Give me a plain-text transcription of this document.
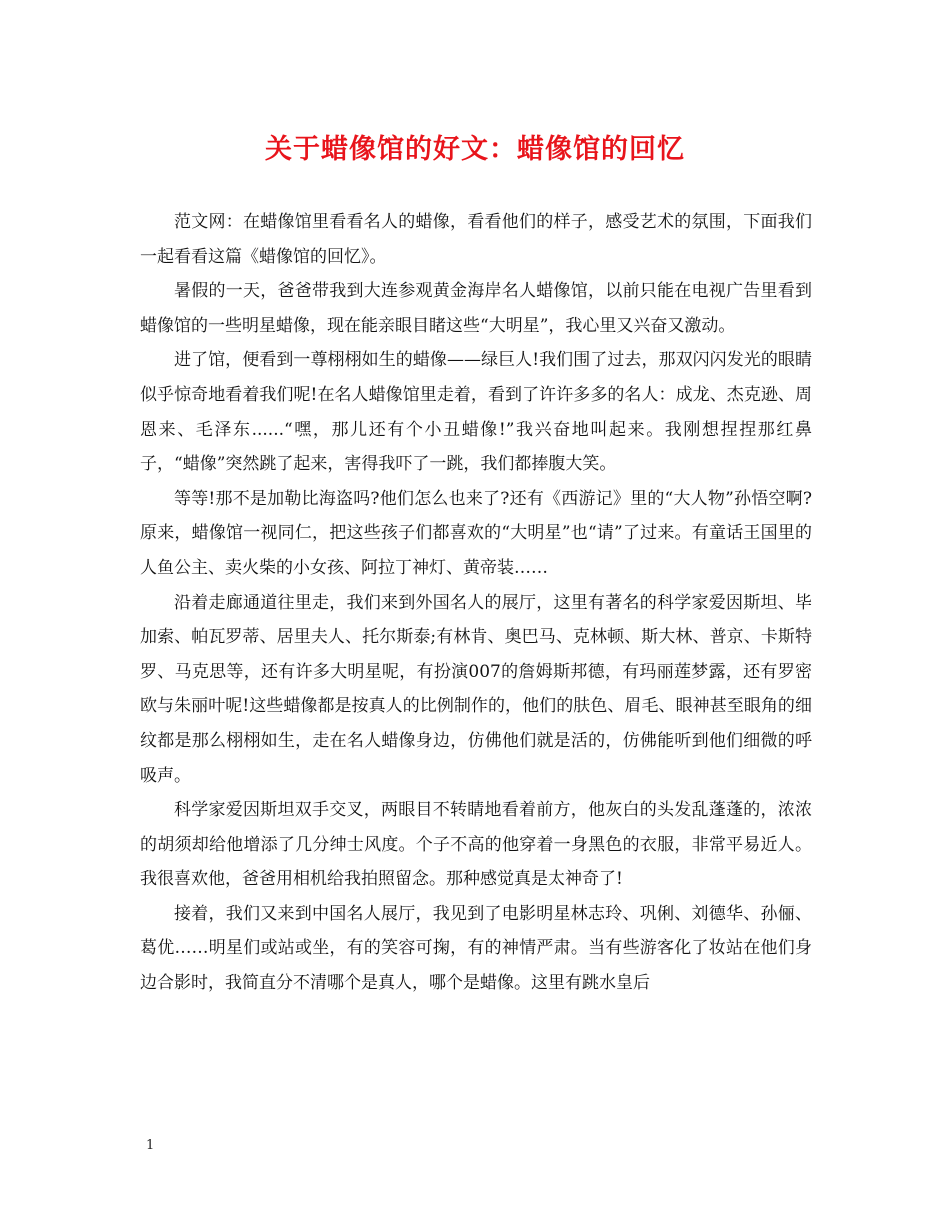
关于蜡像馆的好文：蜡像馆的回忆

范文网：在蜡像馆里看看名人的蜡像，看看他们的样子，感受艺术的氛围，下面我们一起看看这篇《蜡像馆的回忆》。

暑假的一天，爸爸带我到大连参观黄金海岸名人蜡像馆，以前只能在电视广告里看到蜡像馆的一些明星蜡像，现在能亲眼目睹这些“大明星”，我心里又兴奋又激动。

进了馆，便看到一尊栩栩如生的蜡像——绿巨人!我们围了过去，那双闪闪发光的眼睛似乎惊奇地看着我们呢!在名人蜡像馆里走着，看到了许许多多的名人：成龙、杰克逊、周恩来、毛泽东......“嘿，那儿还有个小丑蜡像!”我兴奋地叫起来。我刚想捏捏那红鼻子，“蜡像”突然跳了起来，害得我吓了一跳，我们都捧腹大笑。

等等!那不是加勒比海盗吗?他们怎么也来了?还有《西游记》里的“大人物”孙悟空啊?原来，蜡像馆一视同仁，把这些孩子们都喜欢的“大明星”也“请”了过来。有童话王国里的人鱼公主、卖火柴的小女孩、阿拉丁神灯、黄帝装……

沿着走廊通道往里走，我们来到外国名人的展厅，这里有著名的科学家爱因斯坦、毕加索、帕瓦罗蒂、居里夫人、托尔斯泰;有林肯、奥巴马、克林顿、斯大林、普京、卡斯特罗、马克思等，还有许多大明星呢，有扮演007的詹姆斯邦德，有玛丽莲梦露，还有罗密欧与朱丽叶呢!这些蜡像都是按真人的比例制作的，他们的肤色、眉毛、眼神甚至眼角的细纹都是那么栩栩如生，走在名人蜡像身边，仿佛他们就是活的，仿佛能听到他们细微的呼吸声。

科学家爱因斯坦双手交叉，两眼目不转睛地看着前方，他灰白的头发乱蓬蓬的，浓浓的胡须却给他增添了几分绅士风度。个子不高的他穿着一身黑色的衣服，非常平易近人。我很喜欢他，爸爸用相机给我拍照留念。那种感觉真是太神奇了!

接着，我们又来到中国名人展厅，我见到了电影明星林志玲、巩俐、刘德华、孙俪、葛优……明星们或站或坐，有的笑容可掬，有的神情严肃。当有些游客化了妆站在他们身边合影时，我简直分不清哪个是真人，哪个是蜡像。这里有跳水皇后

1
